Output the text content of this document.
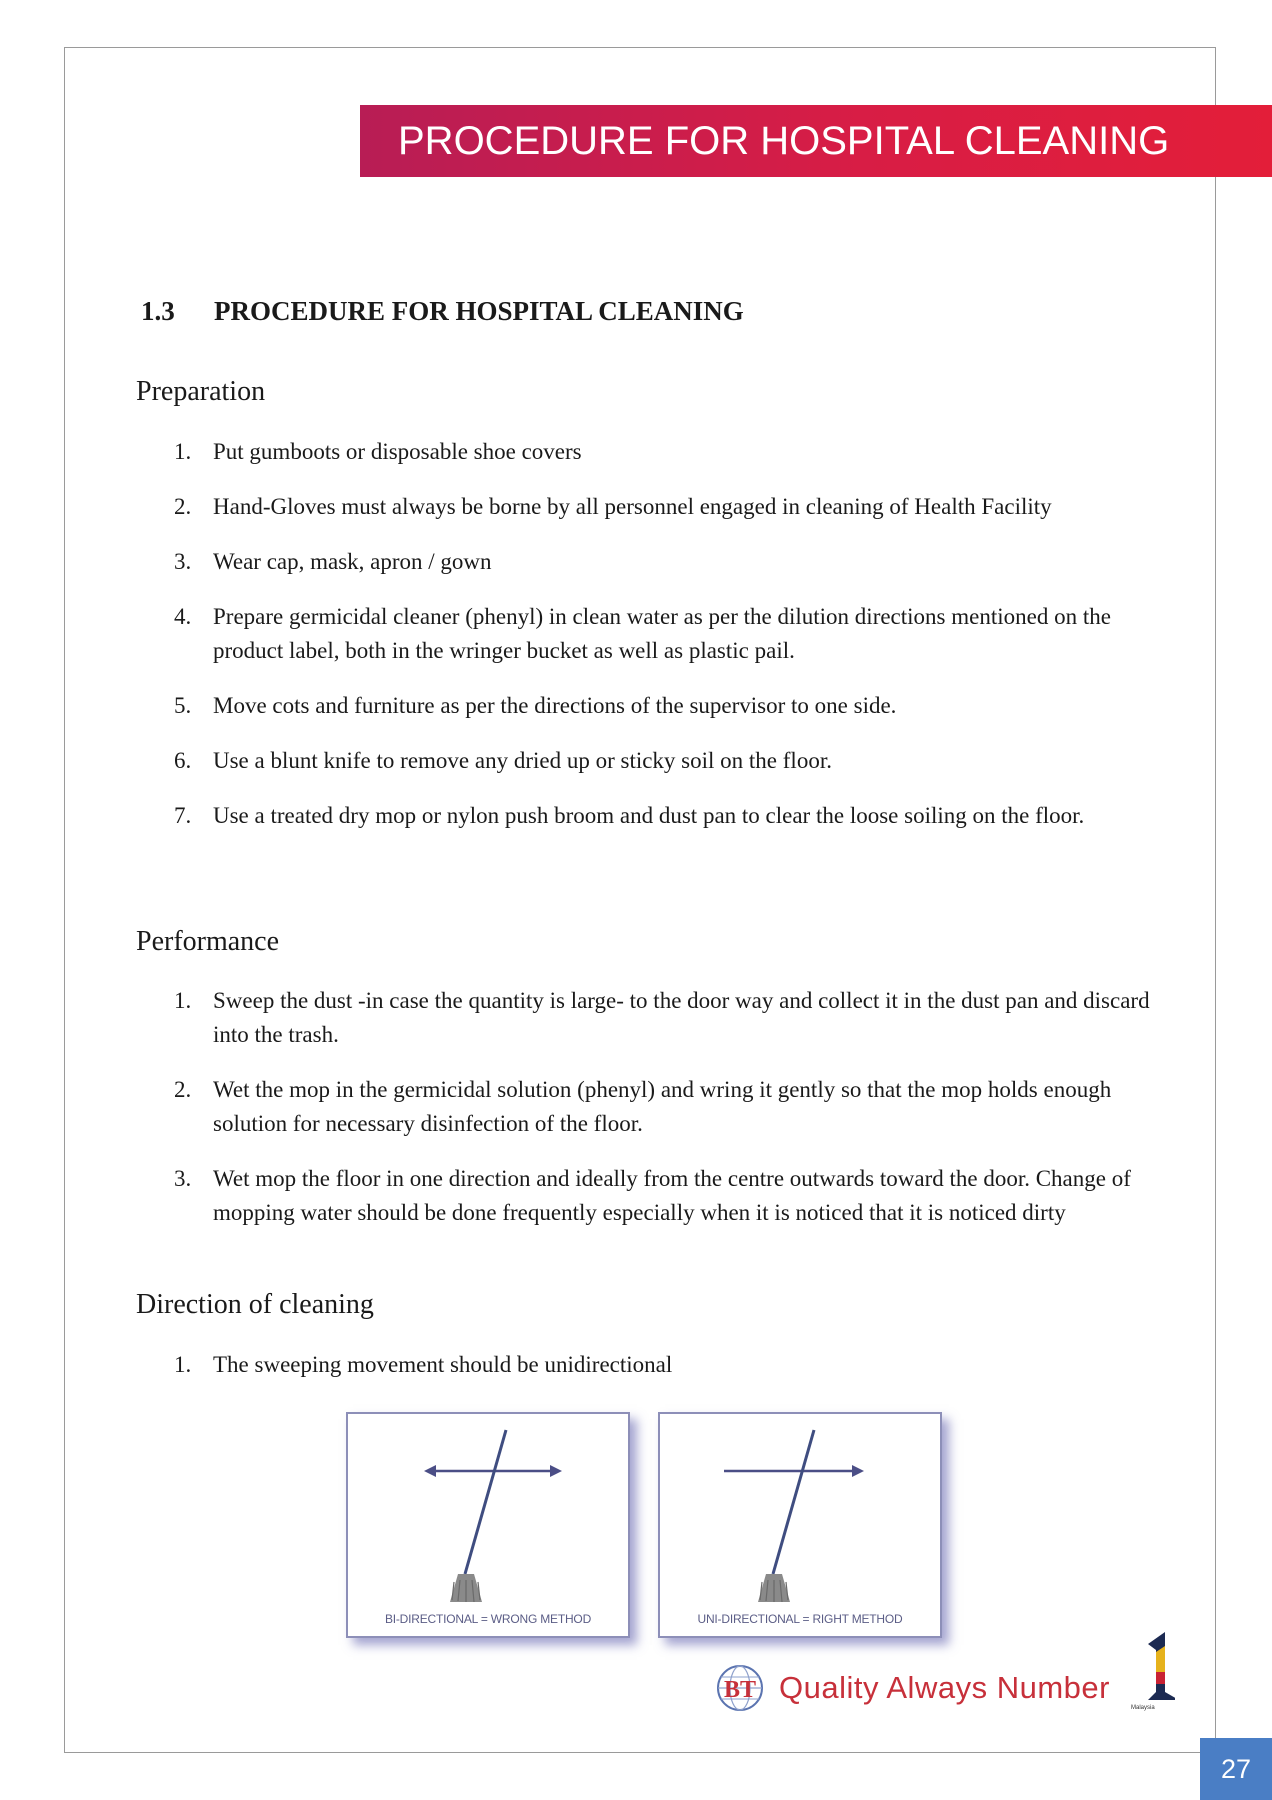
PROCEDURE FOR HOSPITAL CLEANING
1.3 PROCEDURE FOR HOSPITAL CLEANING
Preparation
1. Put gumboots or disposable shoe covers
2. Hand-Gloves must always be borne by all personnel engaged in cleaning of Health Facility
3. Wear cap, mask, apron / gown
4. Prepare germicidal cleaner (phenyl) in clean water as per the dilution directions mentioned on the product label, both in the wringer bucket as well as plastic pail.
5. Move cots and furniture as per the directions of the supervisor to one side.
6. Use a blunt knife to remove any dried up or sticky soil on the floor.
7. Use a treated dry mop or nylon push broom and dust pan to clear the loose soiling on the floor.
Performance
1. Sweep the dust -in case the quantity is large- to the door way and collect it in the dust pan and discard into the trash.
2. Wet the mop in the germicidal solution (phenyl) and wring it gently so that the mop holds enough solution for necessary disinfection of the floor.
3. Wet mop the floor in one direction and ideally from the centre outwards toward the door. Change of mopping water should be done frequently especially when it is noticed that it is noticed dirty
Direction of cleaning
1. The sweeping movement should be unidirectional
BI-DIRECTIONAL = WRONG METHOD	UNI-DIRECTIONAL = RIGHT METHOD
BT
Malaysia
Quality Always Number
27
